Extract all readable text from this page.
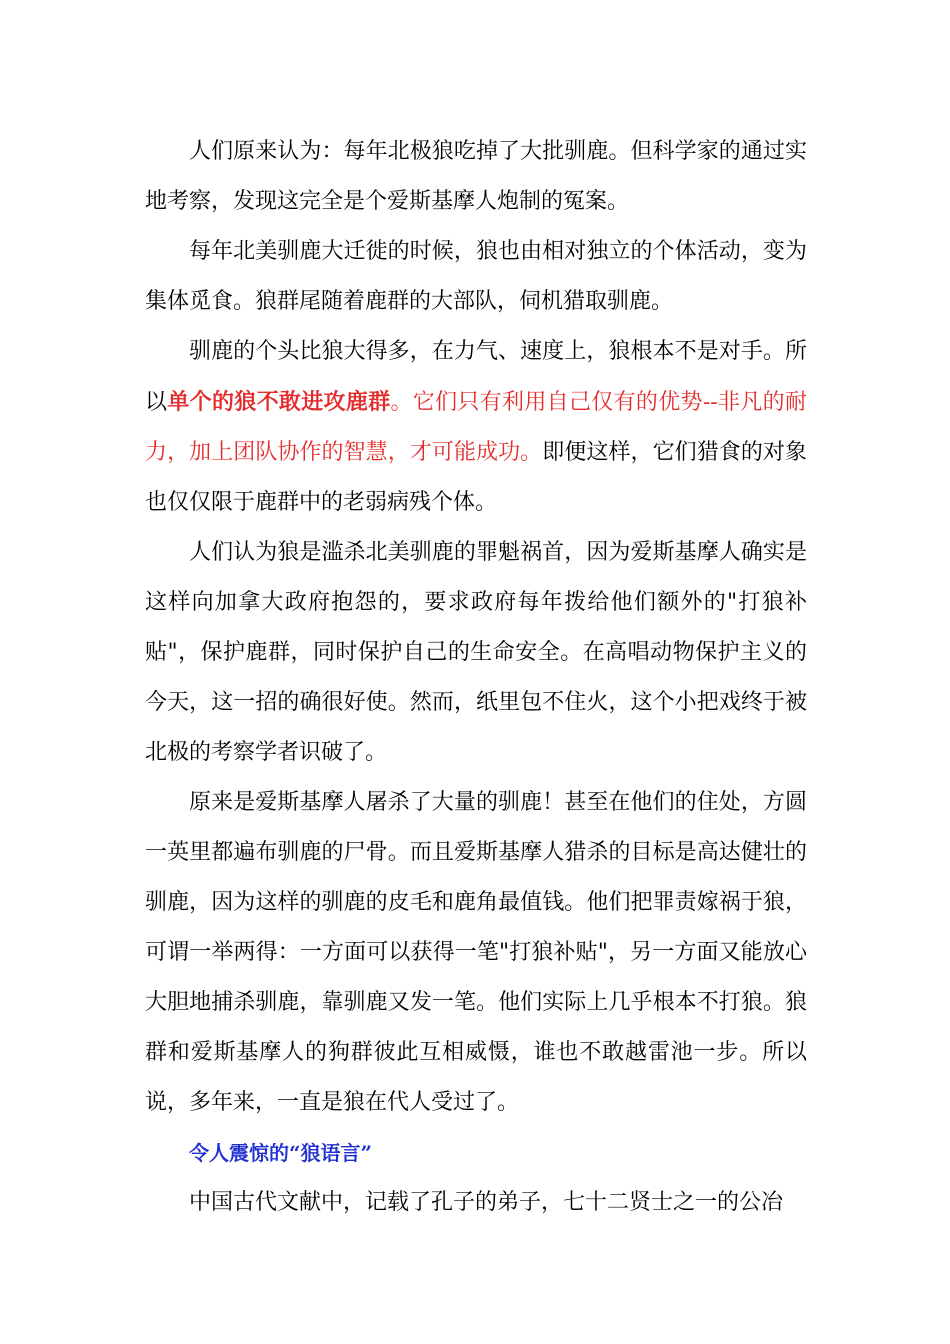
人们原来认为：每年北极狼吃掉了大批驯鹿。但科学家的通过实地考察，发现这完全是个爱斯基摩人炮制的冤案。

每年北美驯鹿大迁徙的时候，狼也由相对独立的个体活动，变为集体觅食。狼群尾随着鹿群的大部队，伺机猎取驯鹿。

驯鹿的个头比狼大得多，在力气、速度上，狼根本不是对手。所以单个的狼不敢进攻鹿群。它们只有利用自己仅有的优势--非凡的耐力，加上团队协作的智慧，才可能成功。即便这样，它们猎食的对象也仅仅限于鹿群中的老弱病残个体。

人们认为狼是滥杀北美驯鹿的罪魁祸首，因为爱斯基摩人确实是这样向加拿大政府抱怨的，要求政府每年拨给他们额外的"打狼补贴"，保护鹿群，同时保护自己的生命安全。在高唱动物保护主义的今天，这一招的确很好使。然而，纸里包不住火，这个小把戏终于被北极的考察学者识破了。

原来是爱斯基摩人屠杀了大量的驯鹿！甚至在他们的住处，方圆一英里都遍布驯鹿的尸骨。而且爱斯基摩人猎杀的目标是高达健壮的驯鹿，因为这样的驯鹿的皮毛和鹿角最值钱。他们把罪责嫁祸于狼，可谓一举两得：一方面可以获得一笔"打狼补贴"，另一方面又能放心大胆地捕杀驯鹿，靠驯鹿又发一笔。他们实际上几乎根本不打狼。狼群和爱斯基摩人的狗群彼此互相威慑，谁也不敢越雷池一步。所以说，多年来，一直是狼在代人受过了。

令人震惊的“狼语言”

中国古代文献中，记载了孔子的弟子，七十二贤士之一的公冶
